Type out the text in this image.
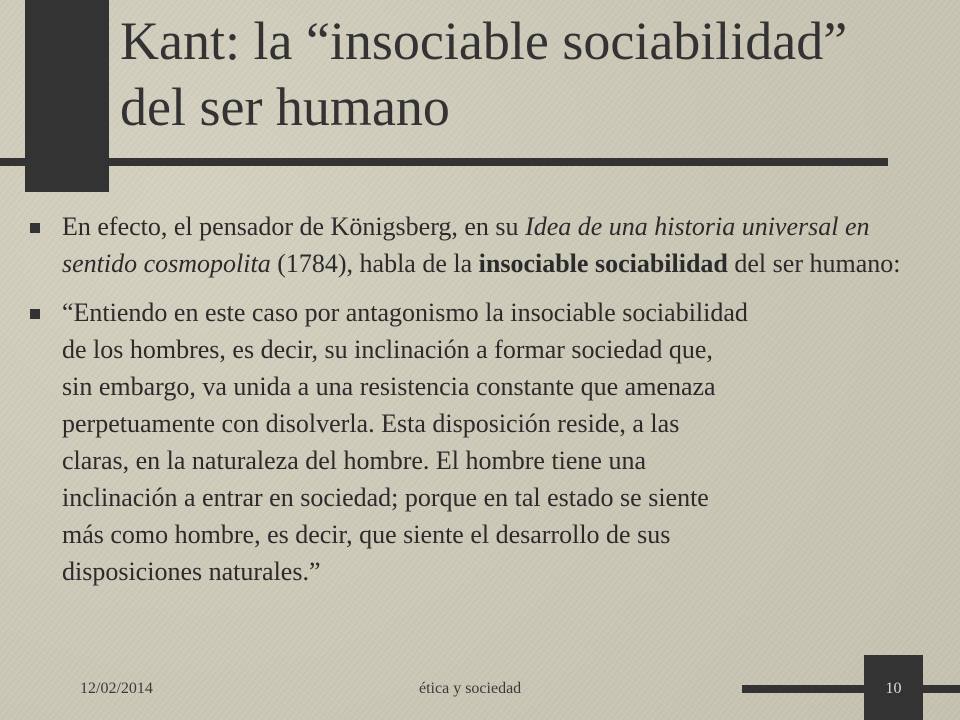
Kant: la “insociable sociabilidad”
del ser humano

En efecto, el pensador de Königsberg, en su Idea de una historia universal en sentido cosmopolita (1784), habla de la insociable sociabilidad del ser humano:

“Entiendo en este caso por antagonismo la insociable sociabilidad
de los hombres, es decir, su inclinación a formar sociedad que,
sin embargo, va unida a una resistencia constante que amenaza
perpetuamente con disolverla. Esta disposición reside, a las
claras, en la naturaleza del hombre. El hombre tiene una
inclinación a entrar en sociedad; porque en tal estado se siente
más como hombre, es decir, que siente el desarrollo de sus
disposiciones naturales.”

12/02/2014	ética y sociedad	10
